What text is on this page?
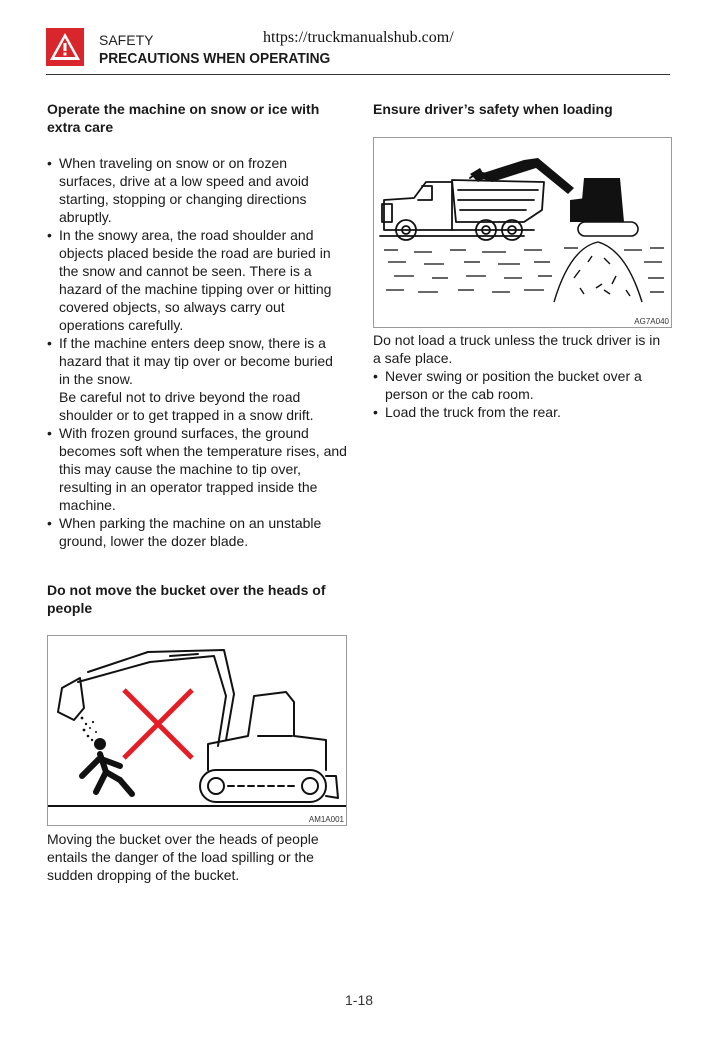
SAFETY	https://truckmanualshub.com/
PRECAUTIONS WHEN OPERATING
Operate the machine on snow or ice with extra care
• When traveling on snow or on frozen surfaces, drive at a low speed and avoid starting, stopping or changing directions abruptly.
• In the snowy area, the road shoulder and objects placed beside the road are buried in the snow and cannot be seen. There is a hazard of the machine tipping over or hitting covered objects, so always carry out operations carefully.
• If the machine enters deep snow, there is a hazard that it may tip over or become buried in the snow.
Be careful not to drive beyond the road shoulder or to get trapped in a snow drift.
• With frozen ground surfaces, the ground becomes soft when the temperature rises, and this may cause the machine to tip over, resulting in an operator trapped inside the machine.
• When parking the machine on an unstable ground, lower the dozer blade.
Do not move the bucket over the heads of people
AM1A001

Moving the bucket over the heads of people entails the danger of the load spilling or the sudden dropping of the bucket.

Ensure driver’s safety when loading
AG7A040

Do not load a truck unless the truck driver is in a safe place.

• Never swing or position the bucket over a person or the cab room.
• Load the truck from the rear.
1-18
